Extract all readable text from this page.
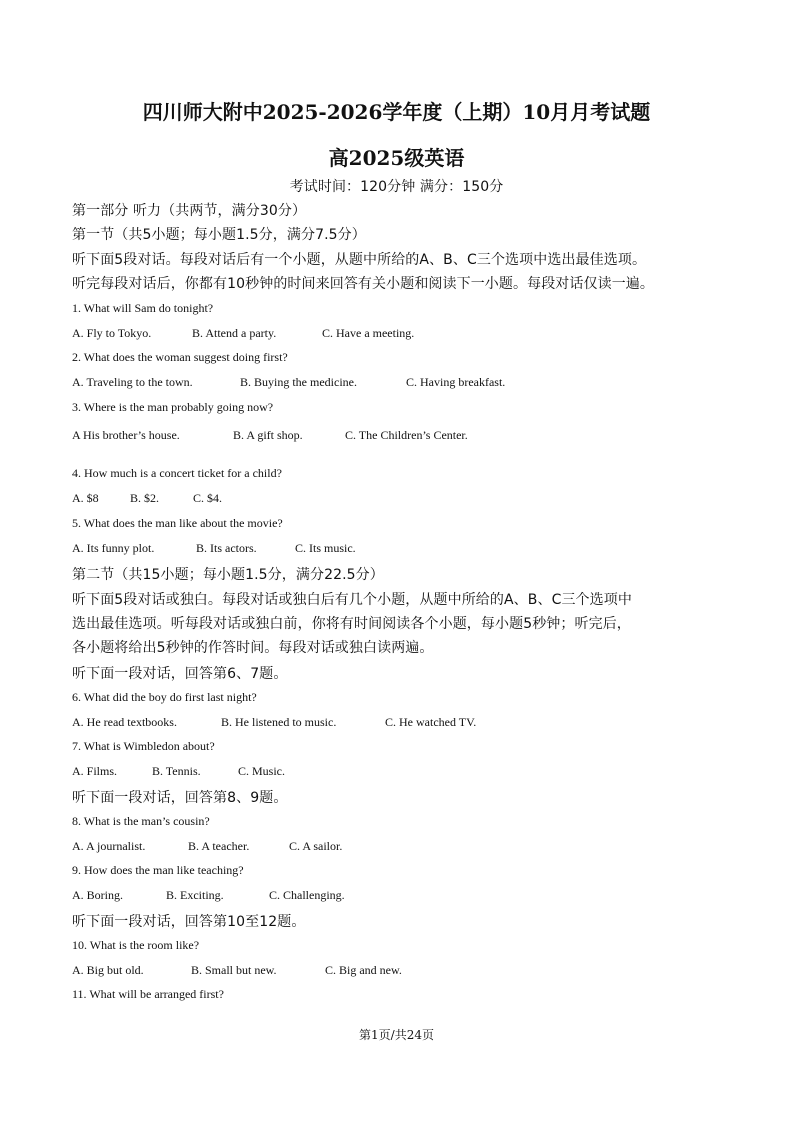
四川师大附中2025-2026学年度（上期）10月月考试题
高2025级英语
考试时间：120分钟 满分：150分
第一部分 听力（共两节，满分30分）
第一节（共5小题；每小题1.5分，满分7.5分）
听下面5段对话。每段对话后有一个小题，从题中所给的A、B、C三个选项中选出最佳选项。
听完每段对话后，你都有10秒钟的时间来回答有关小题和阅读下一小题。每段对话仅读一遍。
1. What will Sam do tonight?
A. Fly to Tokyo.	B. Attend a party.	C. Have a meeting.
2. What does the woman suggest doing first?
A. Traveling to the town.	B. Buying the medicine.	C. Having breakfast.
3. Where is the man probably going now?
A His brother’s house.	B. A gift shop.	C. The Children’s Center.
4. How much is a concert ticket for a child?
A. $8	B. $2.	C. $4.
5. What does the man like about the movie?
A. Its funny plot.	B. Its actors.	C. Its music.
第二节（共15小题；每小题1.5分，满分22.5分）
听下面5段对话或独白。每段对话或独白后有几个小题，从题中所给的A、B、C三个选项中
选出最佳选项。听每段对话或独白前，你将有时间阅读各个小题，每小题5秒钟；听完后，
各小题将给出5秒钟的作答时间。每段对话或独白读两遍。
听下面一段对话，回答第6、7题。
6. What did the boy do first last night?
A. He read textbooks.	B. He listened to music.	C. He watched TV.
7. What is Wimbledon about?
A. Films.	B. Tennis.	C. Music.
听下面一段对话，回答第8、9题。
8. What is the man’s cousin?
A. A journalist.	B. A teacher.	C. A sailor.
9. How does the man like teaching?
A. Boring.	B. Exciting.	C. Challenging.
听下面一段对话，回答第10至12题。
10. What is the room like?
A. Big but old.	B. Small but new.	C. Big and new.
11. What will be arranged first?
第1页/共24页
